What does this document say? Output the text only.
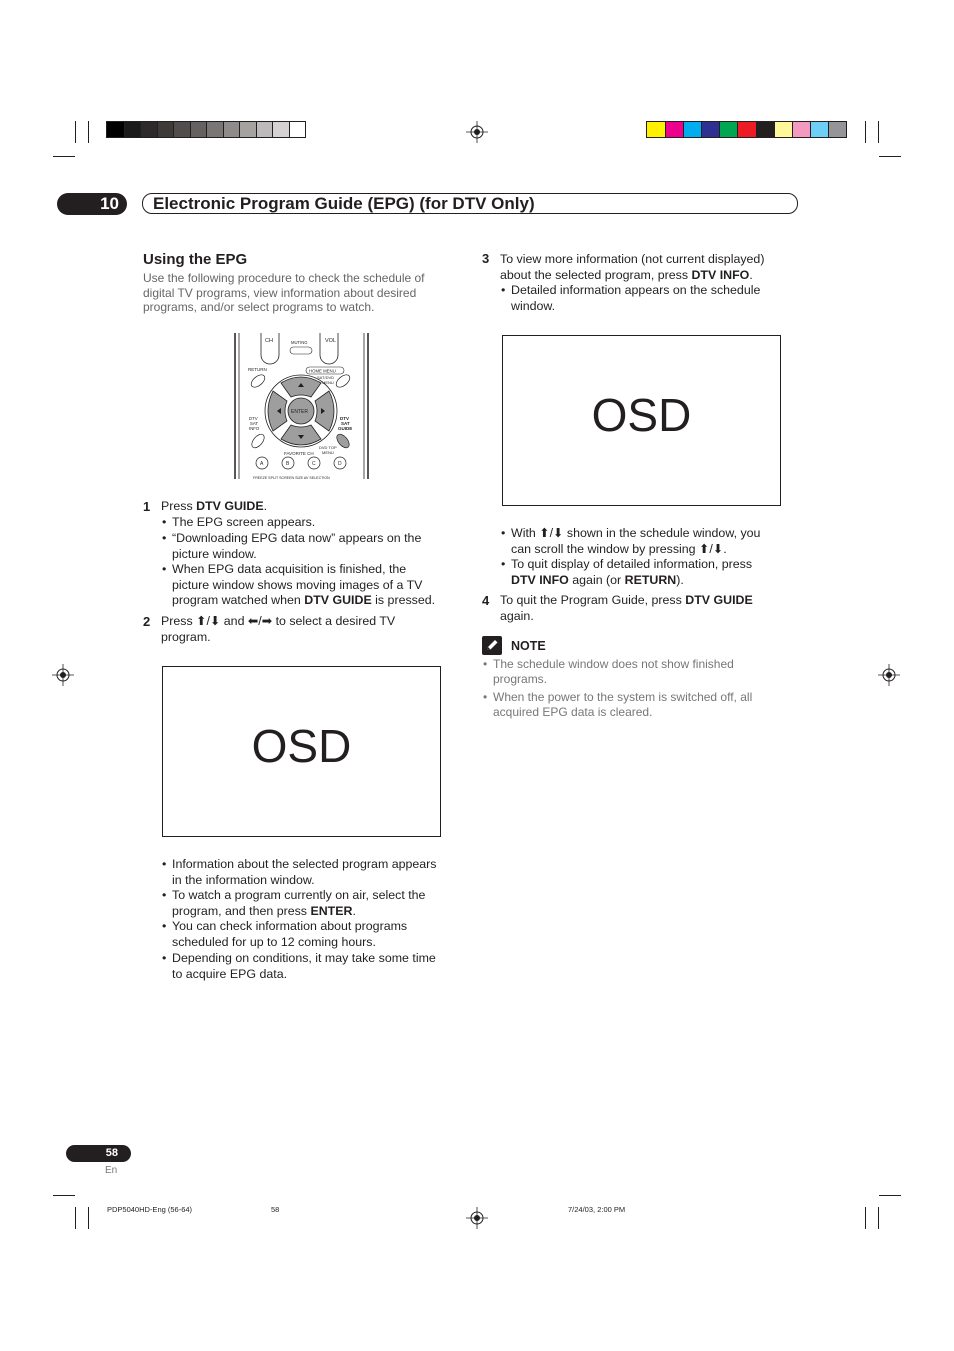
10	Electronic Program Guide (EPG) (for DTV Only)
Using the EPG
Use the following procedure to check the schedule of
digital TV programs, view information about desired
programs, and/or select programs to watch.
CH	MUTING	VOL
RETURN	HOME MENU
SAT/DVD
MENU
ENTER
DTV
SAT
INFO
DTV
SAT
GUIDE
DVD TOP
MENU
FAVORITE CH
A	B	C	D
FREEZE SPLIT SCREEN SIZE AV SELECTION
1 Press DTV GUIDE.
• The EPG screen appears.
• “Downloading EPG data now” appears on the
picture window.
• When EPG data acquisition is finished, the
picture window shows moving images of a TV
program watched when DTV GUIDE is pressed.
2 Press ⬆/⬇ and ⬅/➡ to select a desired TV
program.
OSD
• Information about the selected program appears
in the information window.
• To watch a program currently on air, select the
program, and then press ENTER.
• You can check information about programs
scheduled for up to 12 coming hours.
• Depending on conditions, it may take some time
to acquire EPG data.
3 To view more information (not current displayed)
about the selected program, press DTV INFO.
• Detailed information appears on the schedule
window.
OSD
• With ⬆/⬇ shown in the schedule window, you
can scroll the window by pressing ⬆/⬇.
• To quit display of detailed information, press
DTV INFO again (or RETURN).
4 To quit the Program Guide, press DTV GUIDE
again.
NOTE
• The schedule window does not show finished
programs.
• When the power to the system is switched off, all
acquired EPG data is cleared.
58
En
PDP5040HD-Eng (56-64)	58	7/24/03, 2:00 PM
